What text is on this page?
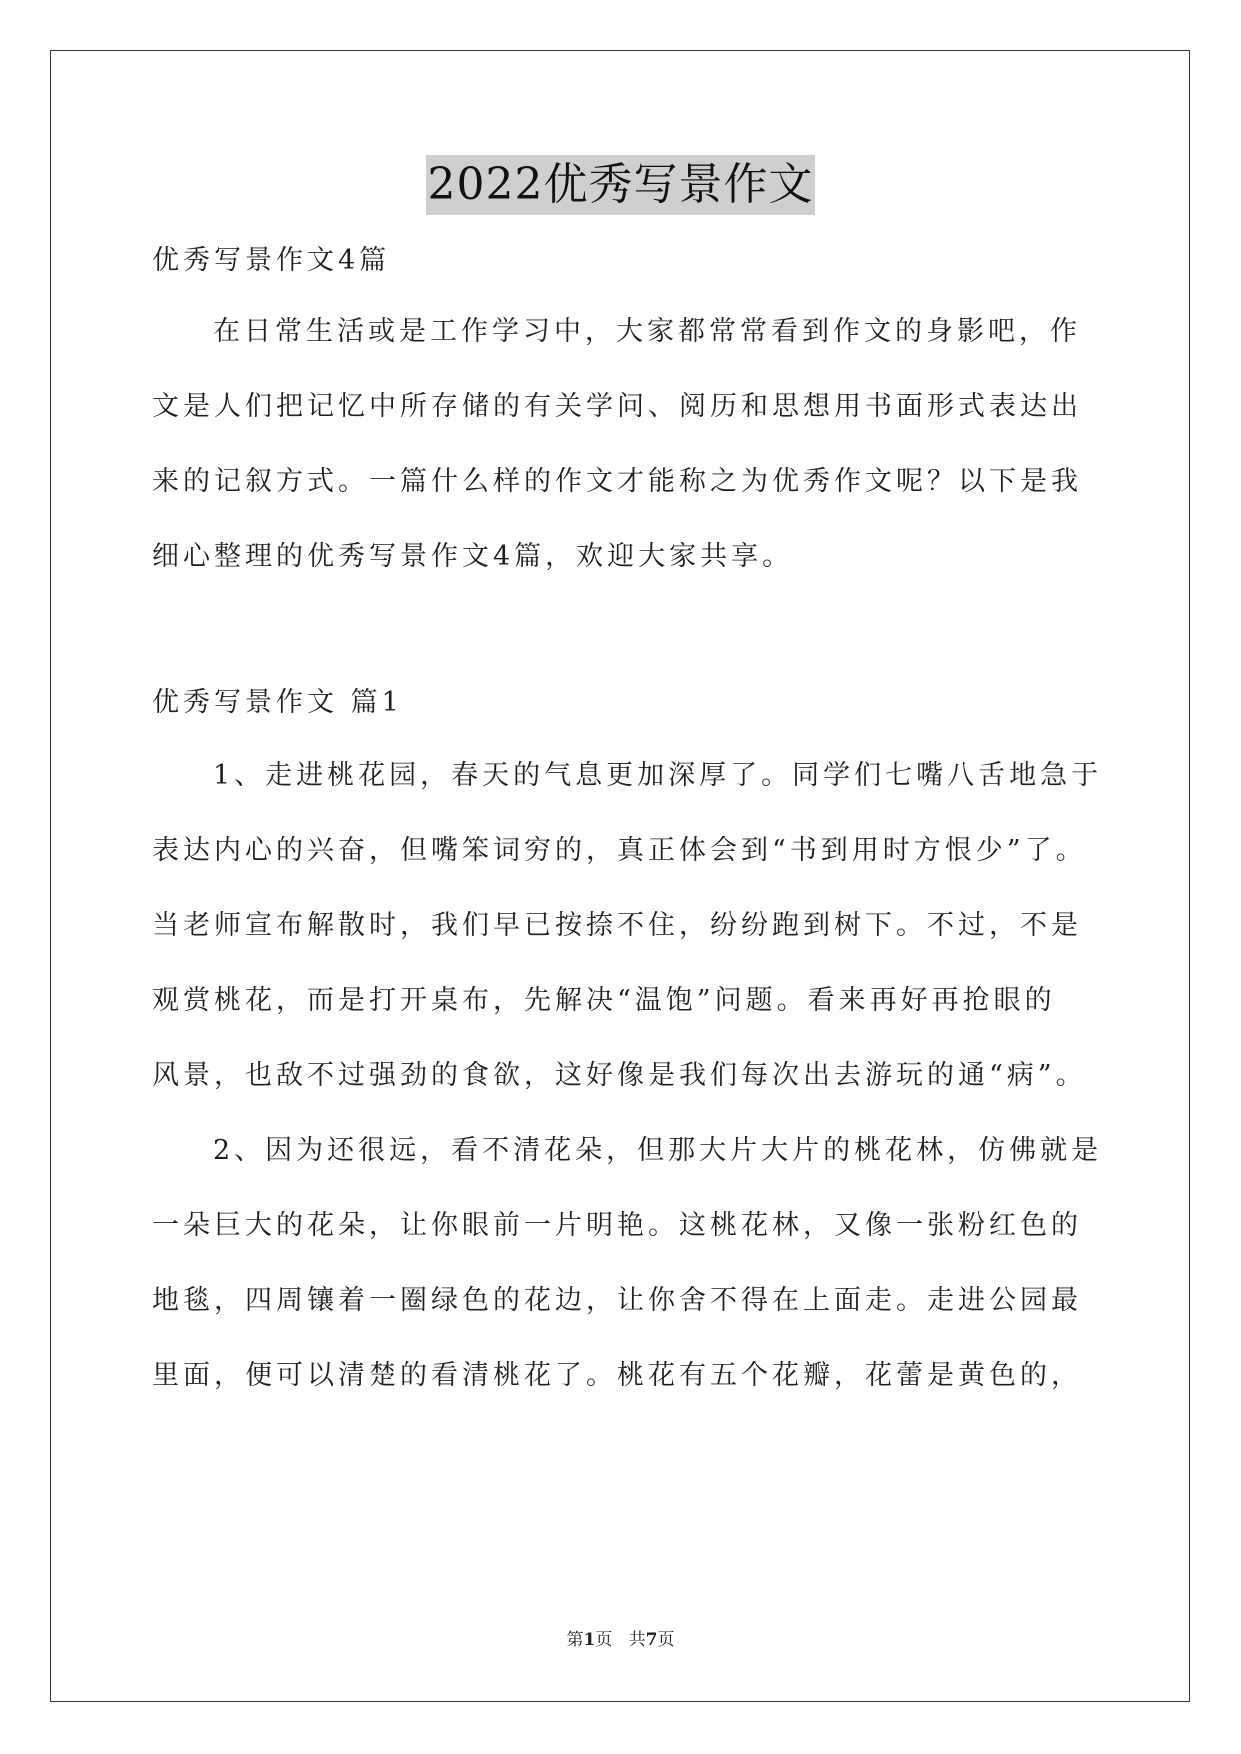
2022优秀写景作文
优秀写景作文4篇
在日常生活或是工作学习中，大家都常常看到作文的身影吧，作
文是人们把记忆中所存储的有关学问、阅历和思想用书面形式表达出
来的记叙方式。一篇什么样的作文才能称之为优秀作文呢？以下是我
细心整理的优秀写景作文4篇，欢迎大家共享。
优秀写景作文 篇1
1、走进桃花园，春天的气息更加深厚了。同学们七嘴八舌地急于
表达内心的兴奋，但嘴笨词穷的，真正体会到“书到用时方恨少”了。
当老师宣布解散时，我们早已按捺不住，纷纷跑到树下。不过，不是
观赏桃花，而是打开桌布，先解决“温饱”问题。看来再好再抢眼的
风景，也敌不过强劲的食欲，这好像是我们每次出去游玩的通“病”。
2、因为还很远，看不清花朵，但那大片大片的桃花林，仿佛就是
一朵巨大的花朵，让你眼前一片明艳。这桃花林，又像一张粉红色的
地毯，四周镶着一圈绿色的花边，让你舍不得在上面走。走进公园最
里面，便可以清楚的看清桃花了。桃花有五个花瓣，花蕾是黄色的，
第1页 共7页
